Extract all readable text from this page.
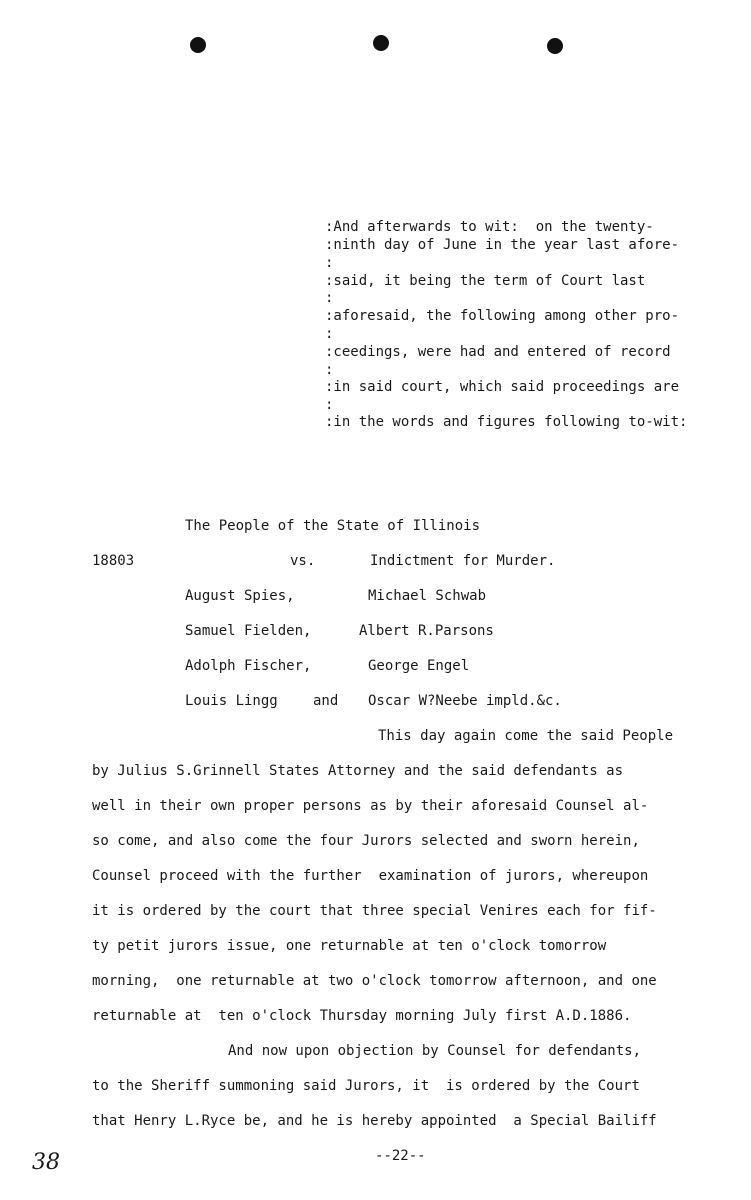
:And afterwards to wit:  on the twenty-
:ninth day of June in the year last afore-
:
:said, it being the term of Court last
:
:aforesaid, the following among other pro-
:
:ceedings, were had and entered of record
:
:in said court, which said proceedings are
:
:in the words and figures following to-wit:
The People of the State of Illinois
18803	vs.	Indictment for Murder.
August Spies,	Michael Schwab
Samuel Fielden,	Albert R.Parsons
Adolph Fischer,	George Engel
Louis Lingg	and Oscar W?Neebe impld.&c.
This day again come the said People
by Julius S.Grinnell States Attorney and the said defendants as
well in their own proper persons as by their aforesaid Counsel al-
so come, and also come the four Jurors selected and sworn herein,
Counsel proceed with the further  examination of jurors, whereupon
it is ordered by the court that three special Venires each for fif-
ty petit jurors issue, one returnable at ten o'clock tomorrow
morning,  one returnable at two o'clock tomorrow afternoon, and one
returnable at  ten o'clock Thursday morning July first A.D.1886.
And now upon objection by Counsel for defendants,
to the Sheriff summoning said Jurors, it  is ordered by the Court
that Henry L.Ryce be, and he is hereby appointed  a Special Bailiff
--22--
38
